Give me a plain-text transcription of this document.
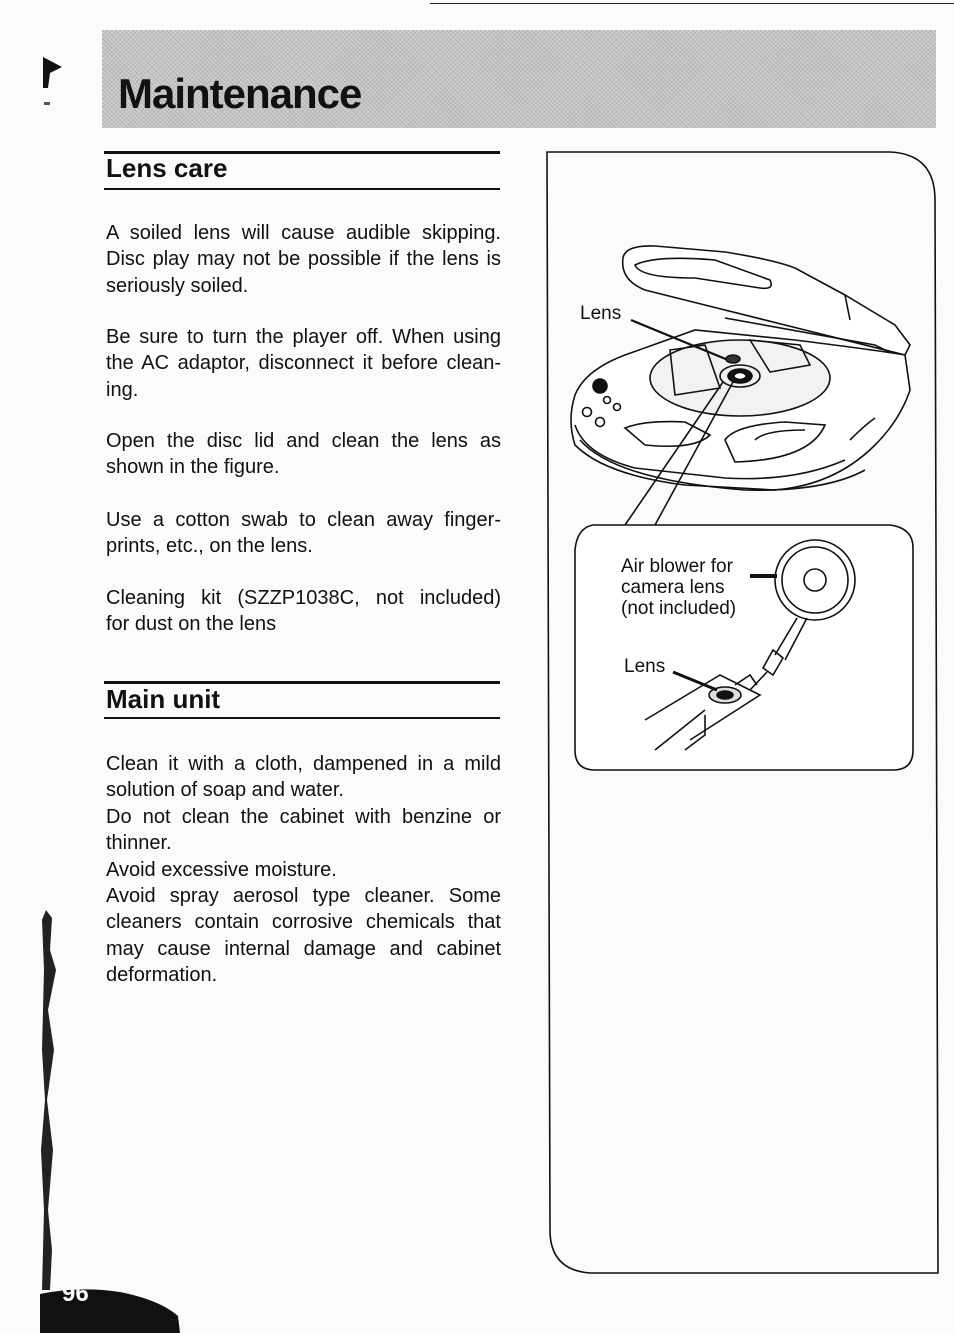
Maintenance
Lens care
A soiled lens will cause audible skipping.
Disc play may not be possible if the lens is
seriously soiled.
Be sure to turn the player off. When using
the AC adaptor, disconnect it before clean-
ing.
Open the disc lid and clean the lens as
shown in the figure.
Use a cotton swab to clean away finger-
prints, etc., on the lens.
Cleaning kit (SZZP1038C, not included)
for dust on the lens
Main unit
Clean it with a cloth, dampened in a mild
solution of soap and water.
Do not clean the cabinet with benzine or
thinner.
Avoid excessive moisture.
Avoid spray aerosol type cleaner. Some
cleaners contain corrosive chemicals that
may cause internal damage and cabinet
deformation.
Lens
Air blower for
camera lens
(not included)
Lens
96
